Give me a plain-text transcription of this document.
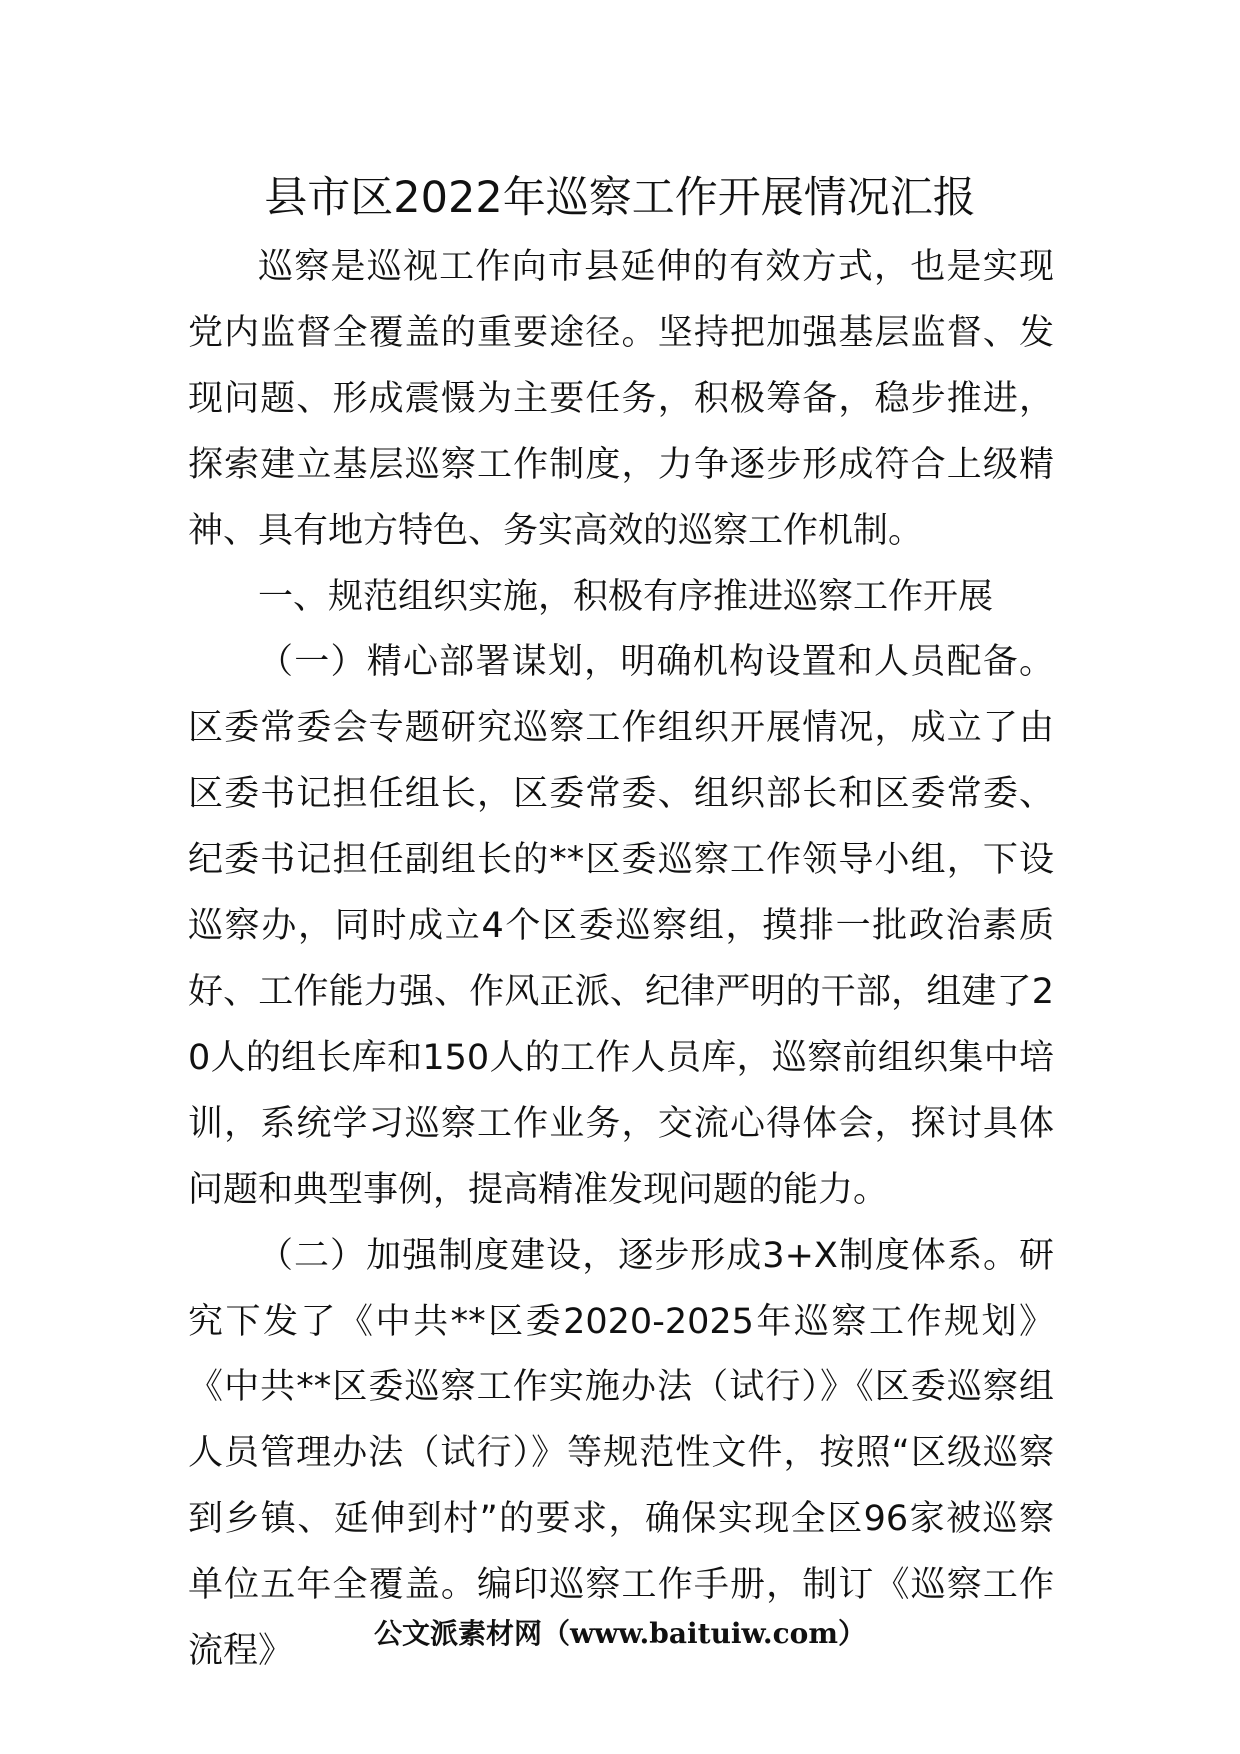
县市区2022年巡察工作开展情况汇报

巡察是巡视工作向市县延伸的有效方式，也是实现党内监督全覆盖的重要途径。坚持把加强基层监督、发现问题、形成震慑为主要任务，积极筹备，稳步推进，探索建立基层巡察工作制度，力争逐步形成符合上级精神、具有地方特色、务实高效的巡察工作机制。

一、规范组织实施，积极有序推进巡察工作开展

（一）精心部署谋划，明确机构设置和人员配备。区委常委会专题研究巡察工作组织开展情况，成立了由区委书记担任组长，区委常委、组织部长和区委常委、纪委书记担任副组长的**区委巡察工作领导小组，下设巡察办，同时成立4个区委巡察组，摸排一批政治素质好、工作能力强、作风正派、纪律严明的干部，组建了20人的组长库和150人的工作人员库，巡察前组织集中培训，系统学习巡察工作业务，交流心得体会，探讨具体问题和典型事例，提高精准发现问题的能力。

（二）加强制度建设，逐步形成3+X制度体系。研究下发了《中共**区委2020-2025年巡察工作规划》《中共**区委巡察工作实施办法（试行）》《区委巡察组人员管理办法（试行）》等规范性文件，按照“区级巡察到乡镇、延伸到村”的要求，确保实现全区96家被巡察单位五年全覆盖。编印巡察工作手册，制订《巡察工作流程》	公文派素材网（www.baituiw.com）
